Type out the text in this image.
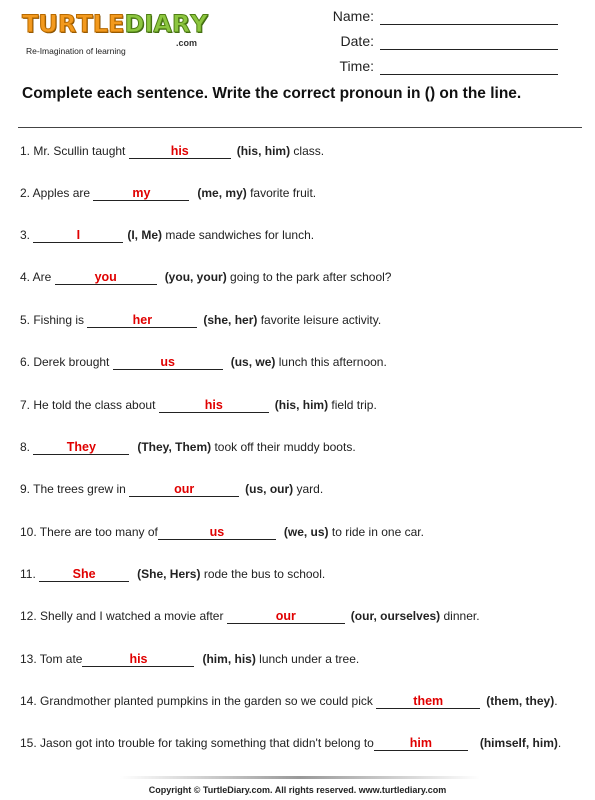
T U R T L E D I A R Y
.com
Re-Imagination of learning
Name:
Date:
Time:
Complete each sentence. Write the correct pronoun in () on the line.
1. Mr. Scullin taught	his	(his, him) class.
2. Apples are	my	(me, my) favorite fruit.
3.	I	(I, Me) made sandwiches for lunch.
4. Are	you	(you, your) going to the park after school?
5. Fishing is	her	(she, her) favorite leisure activity.
6. Derek brought	us	(us, we) lunch this afternoon.
7. He told the class about	his	(his, him) field trip.
8.	They	(They, Them) took off their muddy boots.
9. The trees grew in	our	(us, our) yard.
10. There are too many of	us	(we, us) to ride in one car.
11.	She	(She, Hers) rode the bus to school.
12. Shelly and I watched a movie after	our	(our, ourselves) dinner.
13. Tom ate	his	(him, his) lunch under a tree.
14. Grandmother planted pumpkins in the garden so we could pick	them	(them, they).
15. Jason got into trouble for taking something that didn't belong to	him	(himself, him).
Copyright © TurtleDiary.com. All rights reserved. www.turtlediary.com
